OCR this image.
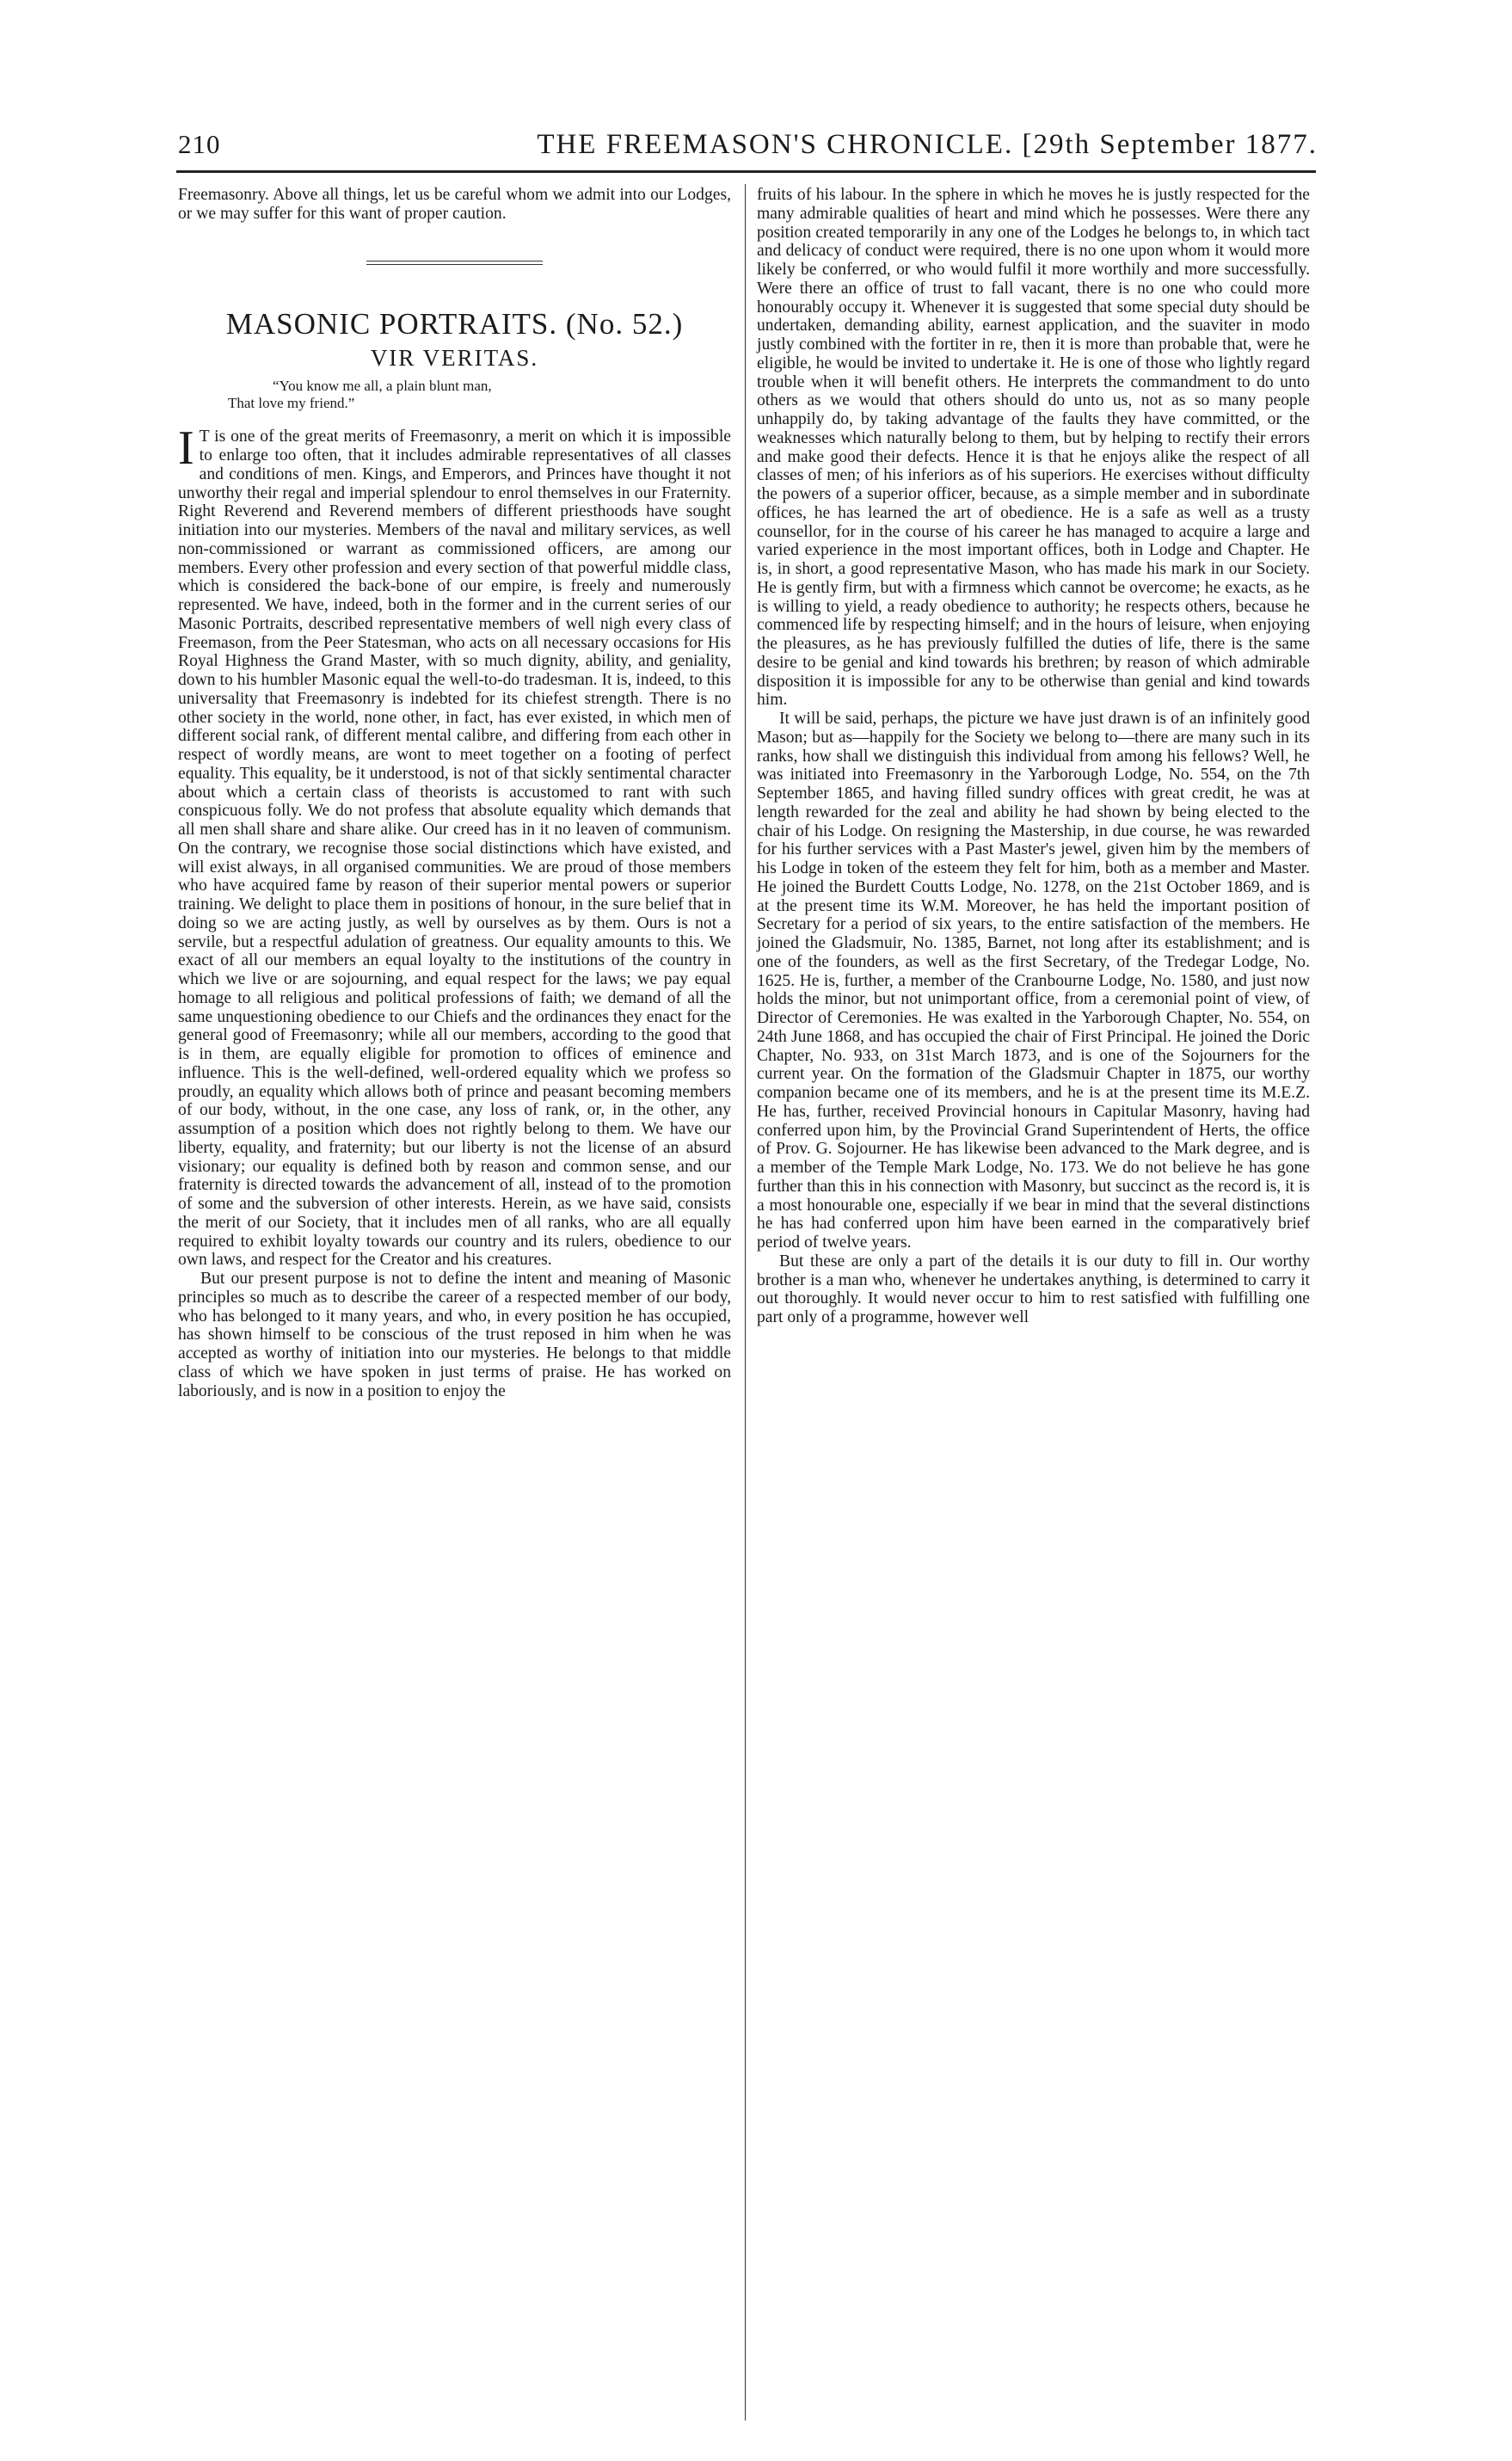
210	THE FREEMASON'S CHRONICLE. [29th September 1877.

Freemasonry. Above all things, let us be careful whom we admit into our Lodges, or we may suffer for this want of proper caution.

MASONIC PORTRAITS. (No. 52.)
VIR VERITAS.
“You know me all, a plain blunt man,
That love my friend.”

I T is one of the great merits of Freemasonry, a merit on which it is impossible to enlarge too often, that it includes admirable representatives of all classes and conditions of men. Kings, and Emperors, and Princes have thought it not unworthy their regal and imperial splendour to enrol themselves in our Fraternity. Right Reverend and Reverend members of different priesthoods have sought initiation into our mysteries. Members of the naval and military services, as well non-commissioned or warrant as commissioned officers, are among our members. Every other profession and every section of that powerful middle class, which is considered the back-bone of our empire, is freely and numerously represented. We have, indeed, both in the former and in the current series of our Masonic Portraits, described representative members of well nigh every class of Freemason, from the Peer Statesman, who acts on all necessary occasions for His Royal Highness the Grand Master, with so much dignity, ability, and geniality, down to his humbler Masonic equal the well-to-do tradesman. It is, indeed, to this universality that Freemasonry is indebted for its chiefest strength. There is no other society in the world, none other, in fact, has ever existed, in which men of different social rank, of different mental calibre, and differing from each other in respect of wordly means, are wont to meet together on a footing of perfect equality. This equality, be it understood, is not of that sickly sentimental character about which a certain class of theorists is accustomed to rant with such conspicuous folly. We do not profess that absolute equality which demands that all men shall share and share alike. Our creed has in it no leaven of communism. On the contrary, we recognise those social distinctions which have existed, and will exist always, in all organised communities. We are proud of those members who have acquired fame by reason of their superior mental powers or superior training. We delight to place them in positions of honour, in the sure belief that in doing so we are acting justly, as well by ourselves as by them. Ours is not a servile, but a respectful adulation of greatness. Our equality amounts to this. We exact of all our members an equal loyalty to the institutions of the country in which we live or are sojourning, and equal respect for the laws; we pay equal homage to all religious and political professions of faith; we demand of all the same unquestioning obedience to our Chiefs and the ordinances they enact for the general good of Freemasonry; while all our members, according to the good that is in them, are equally eligible for promotion to offices of eminence and influence. This is the well-defined, well-ordered equality which we profess so proudly, an equality which allows both of prince and peasant becoming members of our body, without, in the one case, any loss of rank, or, in the other, any assumption of a position which does not rightly belong to them. We have our liberty, equality, and fraternity; but our liberty is not the license of an absurd visionary; our equality is defined both by reason and common sense, and our fraternity is directed towards the advancement of all, instead of to the promotion of some and the subversion of other interests. Herein, as we have said, consists the merit of our Society, that it includes men of all ranks, who are all equally required to exhibit loyalty towards our country and its rulers, obedience to our own laws, and respect for the Creator and his creatures.

But our present purpose is not to define the intent and meaning of Masonic principles so much as to describe the career of a respected member of our body, who has belonged to it many years, and who, in every position he has occupied, has shown himself to be conscious of the trust reposed in him when he was accepted as worthy of initiation into our mysteries. He belongs to that middle class of which we have spoken in just terms of praise. He has worked on laboriously, and is now in a position to enjoy the

fruits of his labour. In the sphere in which he moves he is justly respected for the many admirable qualities of heart and mind which he possesses. Were there any position created temporarily in any one of the Lodges he belongs to, in which tact and delicacy of conduct were required, there is no one upon whom it would more likely be conferred, or who would fulfil it more worthily and more successfully. Were there an office of trust to fall vacant, there is no one who could more honourably occupy it. Whenever it is suggested that some special duty should be undertaken, demanding ability, earnest application, and the suaviter in modo justly combined with the fortiter in re, then it is more than probable that, were he eligible, he would be invited to undertake it. He is one of those who lightly regard trouble when it will benefit others. He interprets the commandment to do unto others as we would that others should do unto us, not as so many people unhappily do, by taking advantage of the faults they have committed, or the weaknesses which naturally belong to them, but by helping to rectify their errors and make good their defects. Hence it is that he enjoys alike the respect of all classes of men; of his inferiors as of his superiors. He exercises without difficulty the powers of a superior officer, because, as a simple member and in subordinate offices, he has learned the art of obedience. He is a safe as well as a trusty counsellor, for in the course of his career he has managed to acquire a large and varied experience in the most important offices, both in Lodge and Chapter. He is, in short, a good representative Mason, who has made his mark in our Society. He is gently firm, but with a firmness which cannot be overcome; he exacts, as he is willing to yield, a ready obedience to authority; he respects others, because he commenced life by respecting himself; and in the hours of leisure, when enjoying the pleasures, as he has previously fulfilled the duties of life, there is the same desire to be genial and kind towards his brethren; by reason of which admirable disposition it is impossible for any to be otherwise than genial and kind towards him.

It will be said, perhaps, the picture we have just drawn is of an infinitely good Mason; but as—happily for the Society we belong to—there are many such in its ranks, how shall we distinguish this individual from among his fellows? Well, he was initiated into Freemasonry in the Yarborough Lodge, No. 554, on the 7th September 1865, and having filled sundry offices with great credit, he was at length rewarded for the zeal and ability he had shown by being elected to the chair of his Lodge. On resigning the Mastership, in due course, he was rewarded for his further services with a Past Master's jewel, given him by the members of his Lodge in token of the esteem they felt for him, both as a member and Master. He joined the Burdett Coutts Lodge, No. 1278, on the 21st October 1869, and is at the present time its W.M. Moreover, he has held the important position of Secretary for a period of six years, to the entire satisfaction of the members. He joined the Gladsmuir, No. 1385, Barnet, not long after its establishment; and is one of the founders, as well as the first Secretary, of the Tredegar Lodge, No. 1625. He is, further, a member of the Cranbourne Lodge, No. 1580, and just now holds the minor, but not unimportant office, from a ceremonial point of view, of Director of Ceremonies. He was exalted in the Yarborough Chapter, No. 554, on 24th June 1868, and has occupied the chair of First Principal. He joined the Doric Chapter, No. 933, on 31st March 1873, and is one of the Sojourners for the current year. On the formation of the Gladsmuir Chapter in 1875, our worthy companion became one of its members, and he is at the present time its M.E.Z. He has, further, received Provincial honours in Capitular Masonry, having had conferred upon him, by the Provincial Grand Superintendent of Herts, the office of Prov. G. Sojourner. He has likewise been advanced to the Mark degree, and is a member of the Temple Mark Lodge, No. 173. We do not believe he has gone further than this in his connection with Masonry, but succinct as the record is, it is a most honourable one, especially if we bear in mind that the several distinctions he has had conferred upon him have been earned in the comparatively brief period of twelve years.

But these are only a part of the details it is our duty to fill in. Our worthy brother is a man who, whenever he undertakes anything, is determined to carry it out thoroughly. It would never occur to him to rest satisfied with fulfilling one part only of a programme, however well
